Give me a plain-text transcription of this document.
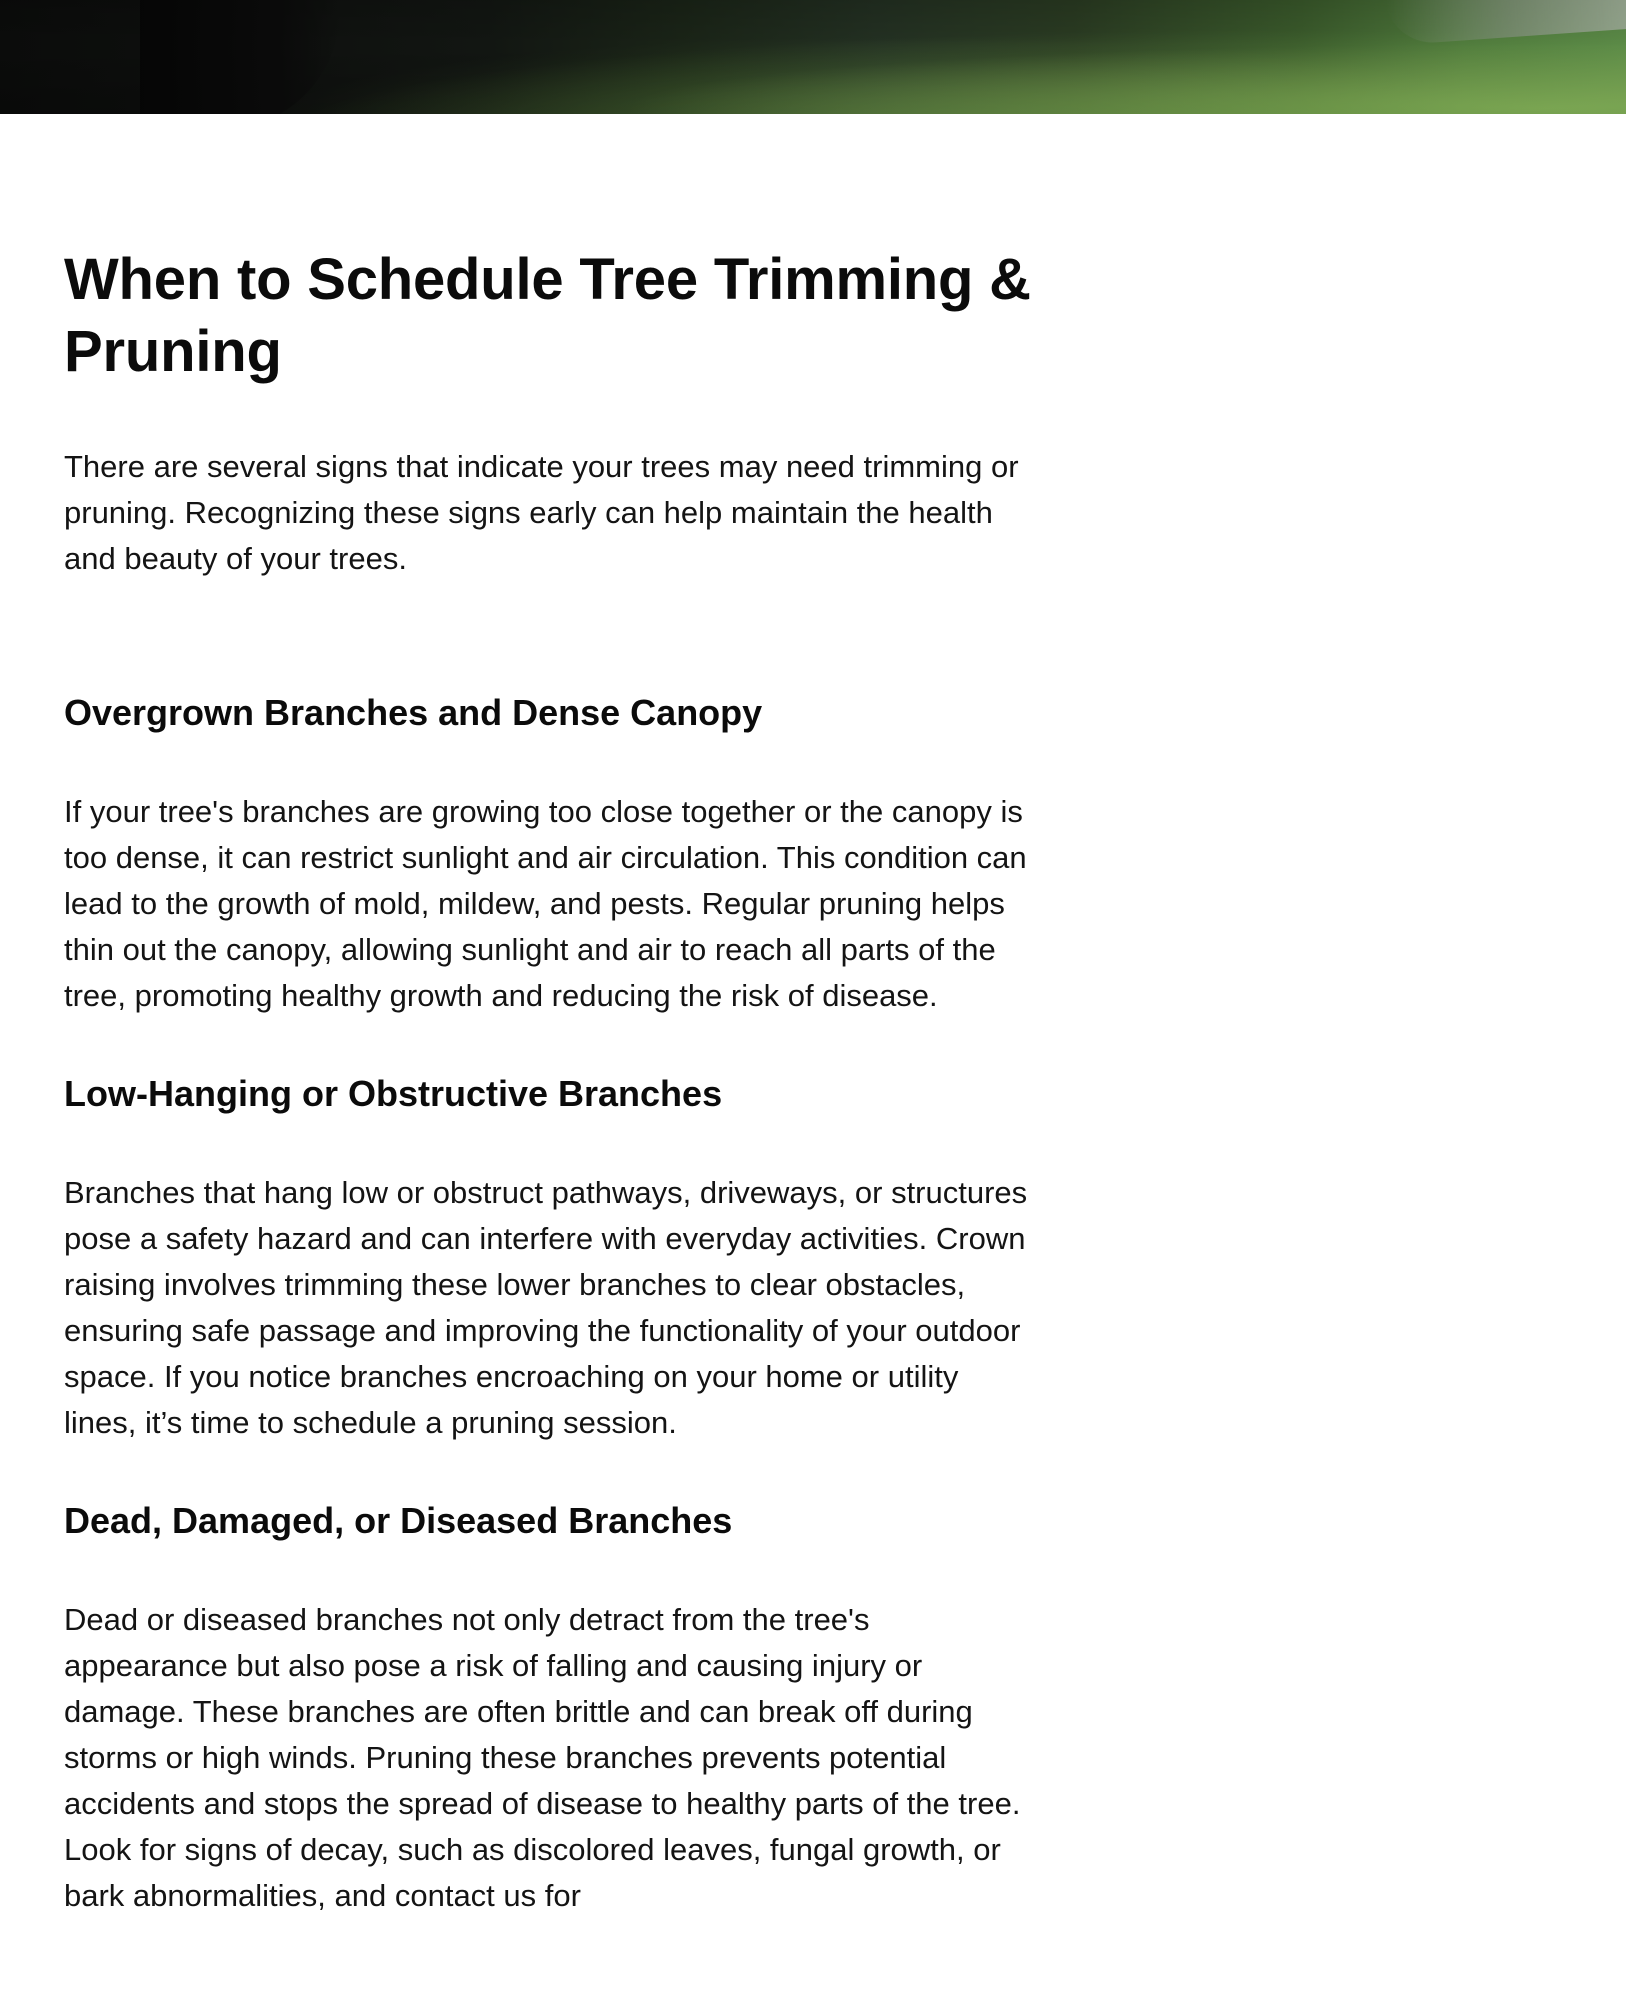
When to Schedule Tree Trimming & Pruning

There are several signs that indicate your trees may need trimming or pruning. Recognizing these signs early can help maintain the health and beauty of your trees.

Overgrown Branches and Dense Canopy

If your tree's branches are growing too close together or the canopy is too dense, it can restrict sunlight and air circulation. This condition can lead to the growth of mold, mildew, and pests. Regular pruning helps thin out the canopy, allowing sunlight and air to reach all parts of the tree, promoting healthy growth and reducing the risk of disease.

Low-Hanging or Obstructive Branches

Branches that hang low or obstruct pathways, driveways, or structures pose a safety hazard and can interfere with everyday activities. Crown raising involves trimming these lower branches to clear obstacles, ensuring safe passage and improving the functionality of your outdoor space. If you notice branches encroaching on your home or utility lines, it’s time to schedule a pruning session.

Dead, Damaged, or Diseased Branches

Dead or diseased branches not only detract from the tree's appearance but also pose a risk of falling and causing injury or damage. These branches are often brittle and can break off during storms or high winds. Pruning these branches prevents potential accidents and stops the spread of disease to healthy parts of the tree. Look for signs of decay, such as discolored leaves, fungal growth, or bark abnormalities, and contact us for
